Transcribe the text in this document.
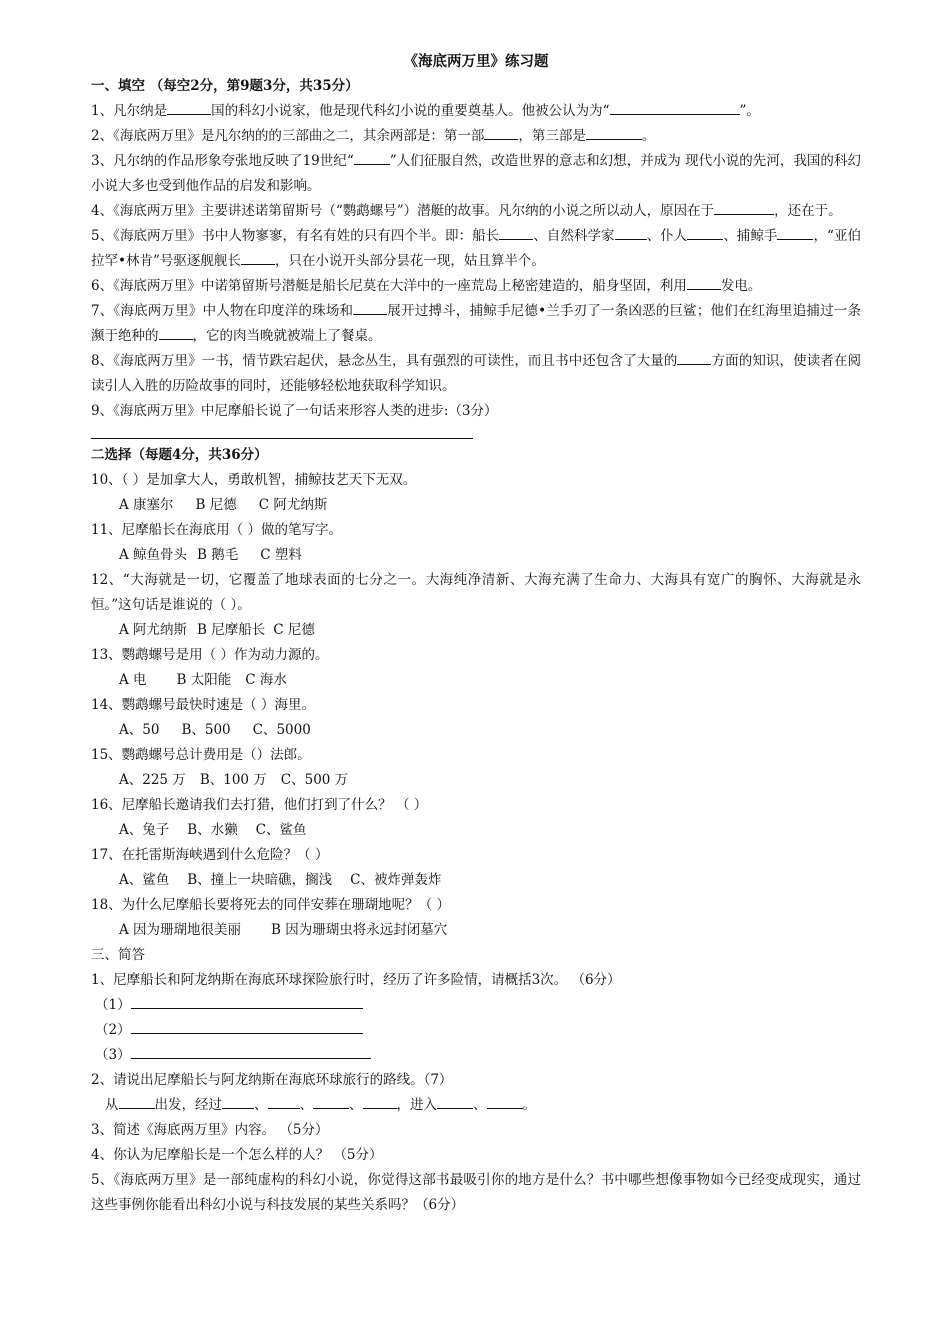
《海底两万里》练习题
一、填空 （每空2分，第9题3分，共35分）

1、凡尔纳是	国的科幻小说家，他是现代科幻小说的重要奠基人。他被公认为为“	”。

2、《海底两万里》是凡尔纳的的三部曲之二，其余两部是：第一部	，第三部是	。

3、凡尔纳的作品形象夸张地反映了19世纪“	”人们征服自然，改造世界的意志和幻想，并成为 现代小说的先河，我国的科幻小说大多也受到他作品的启发和影响。

4、《海底两万里》主要讲述诺第留斯号（“鹦鹉螺号”）潜艇的故事。凡尔纳的小说之所以动人，原因在于	，还在于。

5、《海底两万里》书中人物寥寥，有名有姓的只有四个半。即：船长	、自然科学家 、仆人	、捕鲸手	，“亚伯拉罕•林肯”号驱逐舰舰长	，只在小说开头部分昙花一现，姑且算半个。

6、《海底两万里》中诺第留斯号潜艇是船长尼莫在大洋中的一座荒岛上秘密建造的，船身坚固，利用	发电。

7、《海底两万里》中人物在印度洋的珠场和	展开过搏斗，捕鲸手尼德•兰手刃了一条凶恶的巨鲨；他们在红海里追捕过一条濒于绝种的	，它的肉当晚就被端上了餐桌。

8、《海底两万里》一书，情节跌宕起伏，悬念丛生，具有强烈的可读性，而且书中还包含了大量的	方面的知识，使读者在阅读引人入胜的历险故事的同时，还能够轻松地获取科学知识。

9、《海底两万里》中尼摩船长说了一句话来形容人类的进步:（3分）

二选择（每题4分，共36分）

10、（ ）是加拿大人，勇敢机智，捕鲸技艺天下无双。

A 康塞尔 B 尼德 C 阿尤纳斯

11、尼摩船长在海底用（ ）做的笔写字。

A 鲸鱼骨头 B 鹅毛 C 塑料

12、“大海就是一切，它覆盖了地球表面的七分之一。大海纯净清新、大海充满了生命力、大海具有宽广的胸怀、大海就是永恒。”这句话是谁说的（ ）。

A 阿尤纳斯 B 尼摩船长 C 尼德

13、鹦鹉螺号是用（ ）作为动力源的。

A 电 B 太阳能 C 海水

14、鹦鹉螺号最快时速是（ ）海里。

A、50 B、500 C、5000

15、鹦鹉螺号总计费用是（）法郎。

A、225 万 B、100 万 C、500 万

16、尼摩船长邀请我们去打猎，他们打到了什么？ （ ）

A、兔子 B、水獭 C、鲨鱼

17、在托雷斯海峡遇到什么危险？（ ）

A、鲨鱼 B、撞上一块暗礁，搁浅 C、被炸弹轰炸

18、为什么尼摩船长要将死去的同伴安葬在珊瑚地呢？（ ）

A 因为珊瑚地很美丽 B 因为珊瑚虫将永远封闭墓穴
三、简答

1、尼摩船长和阿龙纳斯在海底环球探险旅行时，经历了许多险情，请概括3次。 （6分）

（1）
（2）
（3）

2、请说出尼摩船长与阿龙纳斯在海底环球旅行的路线。（7）

从	出发，经过 、 、	、	，进入	、	。

3、简述《海底两万里》内容。 （5分）

4、你认为尼摩船长是一个怎么样的人？ （5分）

5、《海底两万里》是一部纯虚构的科幻小说，你觉得这部书最吸引你的地方是什么？书中哪些想像事物如今已经变成现实，通过这些事例你能看出科幻小说与科技发展的某些关系吗？（6分）
